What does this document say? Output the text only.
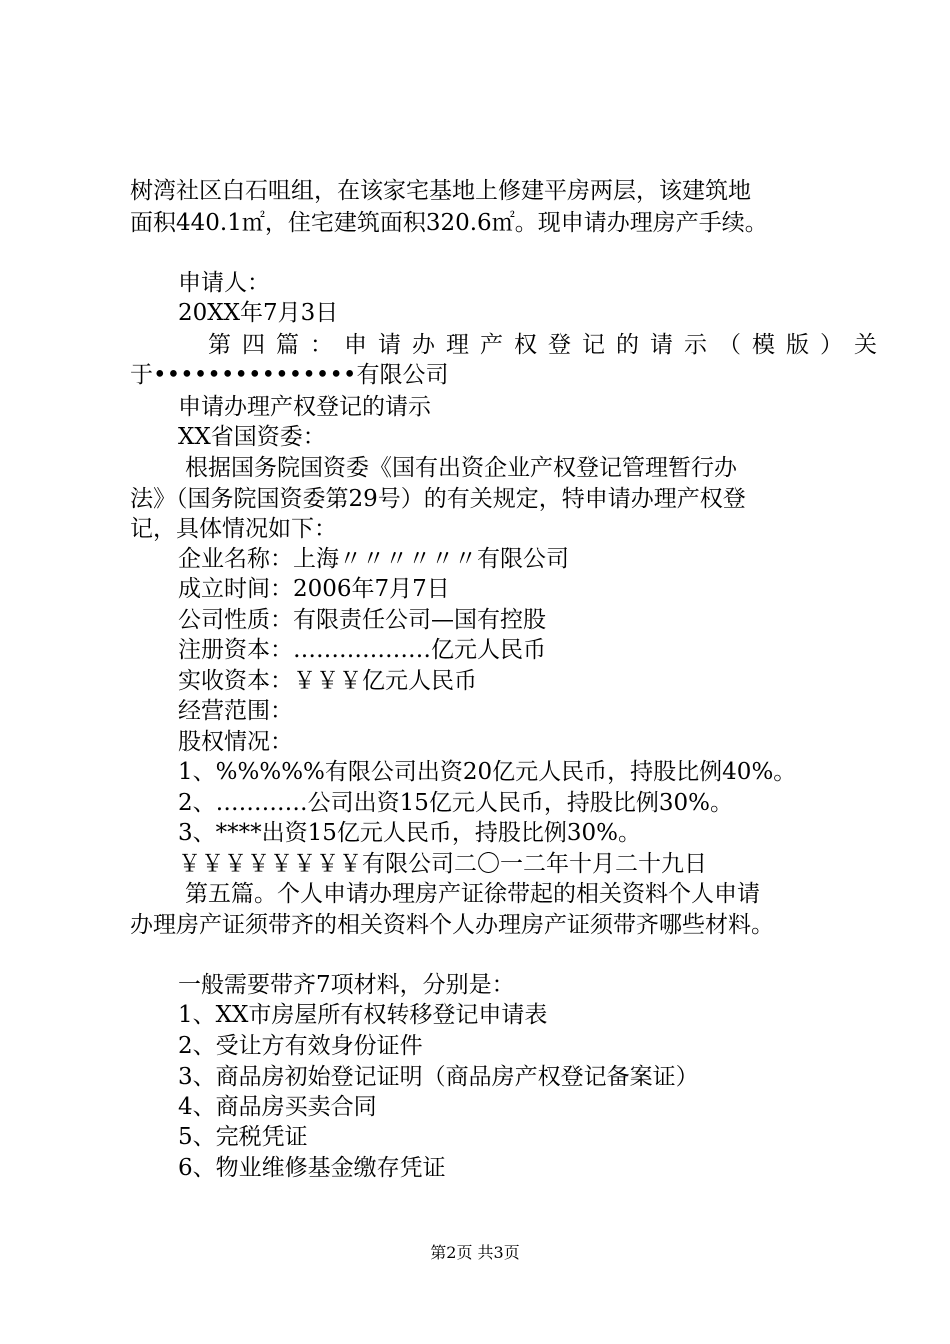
树湾社区白石咀组，在该家宅基地上修建平房两层，该建筑地
面积440.1㎡，住宅建筑面积320.6㎡。现申请办理房产手续。
申请人：
20XX年7月3日
第四篇：申请办理产权登记的请示（模版）关
于•••••••••••••••有限公司
申请办理产权登记的请示
XX省国资委：
根据国务院国资委《国有出资企业产权登记管理暂行办
法》（国务院国资委第29号）的有关规定，特申请办理产权登
记，具体情况如下：
企业名称：上海〃〃〃〃〃〃有限公司
成立时间：2006年7月7日
公司性质：有限责任公司—国有控股
注册资本：………………亿元人民币
实收资本：￥￥￥亿元人民币
经营范围：
股权情况：
1、%%%%%有限公司出资20亿元人民币，持股比例40%。
2、…………公司出资15亿元人民币，持股比例30%。
3、****出资15亿元人民币，持股比例30%。
￥￥￥￥￥￥￥￥有限公司二〇一二年十月二十九日
第五篇。个人申请办理房产证徐带起的相关资料个人申请
办理房产证须带齐的相关资料个人办理房产证须带齐哪些材料。
一般需要带齐7项材料，分别是：
1、XX市房屋所有权转移登记申请表
2、受让方有效身份证件
3、商品房初始登记证明（商品房产权登记备案证）
4、商品房买卖合同
5、完税凭证
6、物业维修基金缴存凭证
第2页 共3页
